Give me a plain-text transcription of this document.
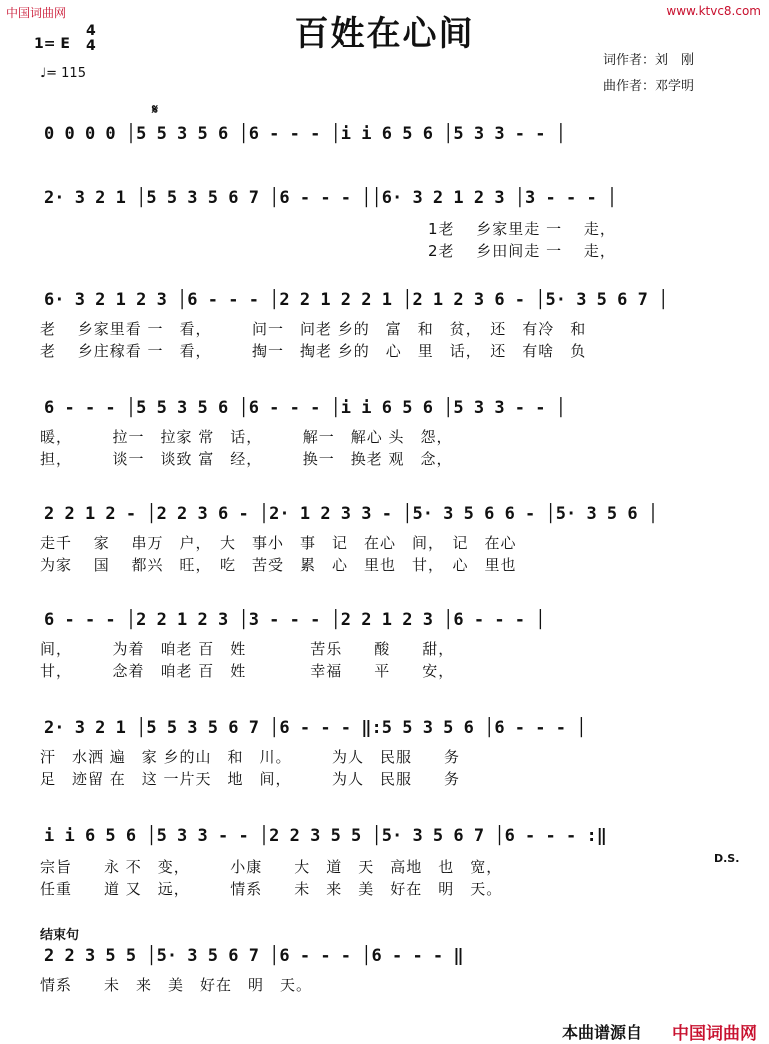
中国词曲网	www.ktvc8.com
百姓在心间
1= E
4
4
♩= 115
词作者：刘　刚
曲作者：邓学明
𝄋
0 0 0 0 │5 5 3 5 6 │6 - - - │i i 6 5 6 │5 3 3 - - │
2· 3 2 1 │5 5 3 5 6 7 │6 - - - ││6· 3 2 1 2 3 │3 - - - │
1老　 乡家里走 一　 走，
2老　 乡田间走 一　 走，
6· 3 2 1 2 3 │6 - - - │2 2 1 2 2 1 │2 1 2 3 6 - │5· 3 5 6 7 │
老　 乡家里看 一　看，　　　问一　问老 乡的　富　和　贫，　还　有冷　和
老　 乡庄稼看 一　看，　　　掏一　掏老 乡的　心　里　话，　还　有啥　负
6 - - - │5 5 3 5 6 │6 - - - │i i 6 5 6 │5 3 3 - - │
暖，　　　拉一　拉家 常　话，　　　解一　解心 头　怨，
担，　　　谈一　谈致 富　经，　　　换一　换老 观　念，
2 2 1 2 - │2 2 3 6 - │2· 1 2 3 3 - │5· 3 5 6 6 - │5· 3 5 6 │
走千　 家　 串万　户，　大　事小　事　记　在心　间，　记　在心
为家　 国　 都兴　旺，　吃　苦受　累　心　里也　甘，　心　里也
6 - - - │2 2 1 2 3 │3 - - - │2 2 1 2 3 │6 - - - │
间，　　　为着　咱老 百　姓　　　　苦乐　　酸　　甜，
甘，　　　念着　咱老 百　姓　　　　幸福　　平　　安，
2· 3 2 1 │5 5 3 5 6 7 │6 - - - ‖:5 5 3 5 6 │6 - - - │
汗　水洒 遍　家 乡的山　和　川。　　　为人　民服　　务
足　迹留 在　这 一片天　地　间，　　　为人　民服　　务
i i 6 5 6 │5 3 3 - - │2 2 3 5 5 │5· 3 5 6 7 │6 - - - :‖
D.S.
宗旨　　永 不　变，　　　小康　　大　道　天　高地　也　宽，
任重　　道 又　远，　　　情系　　未　来　美　好在　明　天。
结束句
2 2 3 5 5 │5· 3 5 6 7 │6 - - - │6 - - - ‖
情系　　未　来　美　好在　明　天。
本曲谱源自 中国词曲网
